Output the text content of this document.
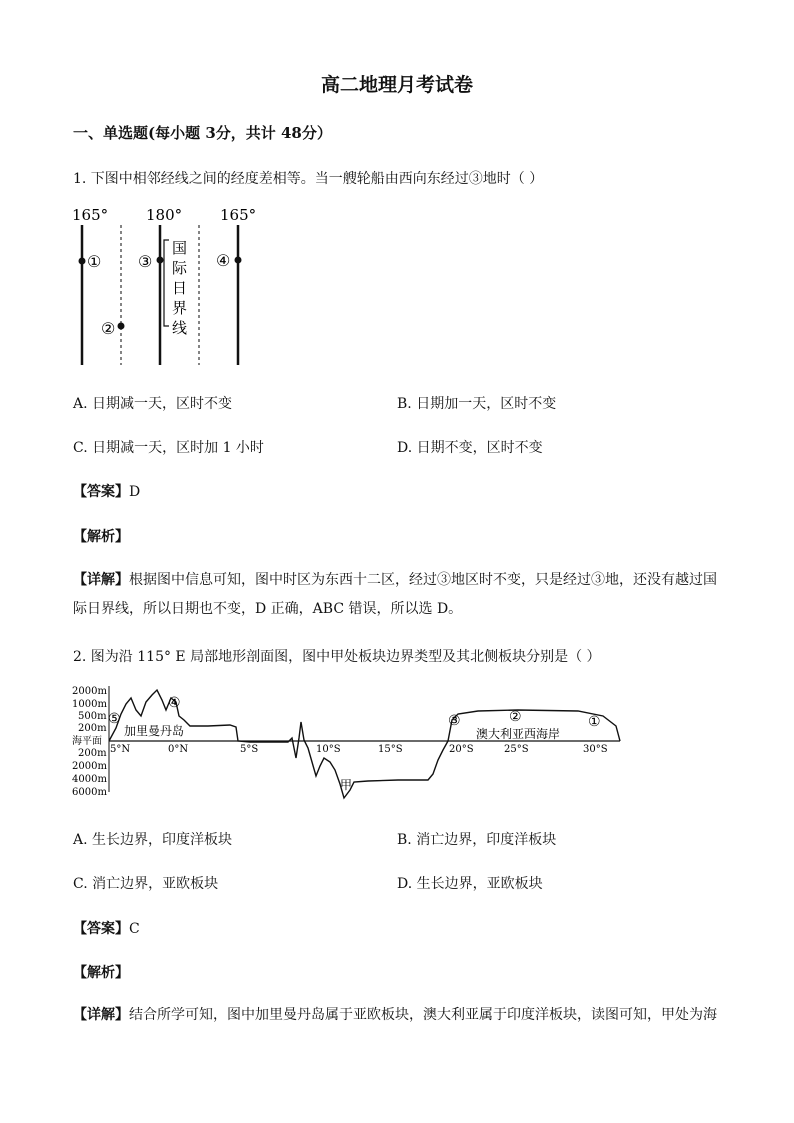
高二地理月考试卷
一、单选题(每小题 3分，共计 48分）
1. 下图中相邻经线之间的经度差相等。当一艘轮船由西向东经过③地时（ ）
165°	180°	165°
①
②
③	④
国
际
日
界
线
A. 日期减一天，区时不变	B. 日期加一天，区时不变
C. 日期减一天，区时加 1 小时	D. 日期不变，区时不变
【答案】D
【解析】
【详解】根据图中信息可知，图中时区为东西十二区，经过③地区时不变，只是经过③地，还没有越过国际日界线，所以日期也不变，D 正确，ABC 错误，所以选 D。
2. 图为沿 115° E 局部地形剖面图，图中甲处板块边界类型及其北侧板块分别是（ ）
2000m
1000m
500m
200m
海平面
200m
2000m
4000m
6000m
5°N	0°N	5°S	10°S	15°S	20°S	25°S	30°S
加里曼丹岛	澳大利亚西海岸
甲
①
②
③
④
⑤
A. 生长边界，印度洋板块	B. 消亡边界，印度洋板块
C. 消亡边界，亚欧板块	D. 生长边界，亚欧板块
【答案】C
【解析】
【详解】结合所学可知，图中加里曼丹岛属于亚欧板块，澳大利亚属于印度洋板块，读图可知，甲处为海
